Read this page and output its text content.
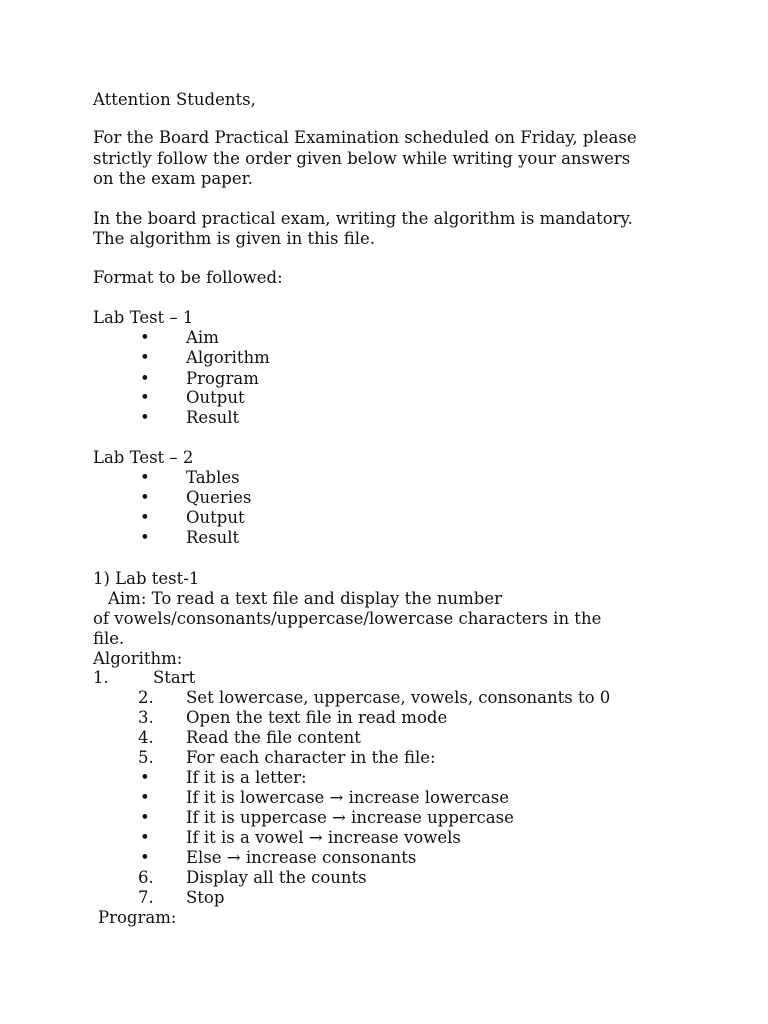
Attention Students,
For the Board Practical Examination scheduled on Friday, please
strictly follow the order given below while writing your answers
on the exam paper.
In the board practical exam, writing the algorithm is mandatory.
The algorithm is given in this file.
Format to be followed:
Lab Test – 1
• Aim
• Algorithm
• Program
• Output
• Result
Lab Test – 2
• Tables
• Queries
• Output
• Result
1) Lab test-1
Aim: To read a text file and display the number
of vowels/consonants/uppercase/lowercase characters in the
file.
Algorithm:
1.	Start
2. Set lowercase, uppercase, vowels, consonants to 0
3. Open the text file in read mode
4. Read the file content
5. For each character in the file:
• If it is a letter:
• If it is lowercase → increase lowercase
• If it is uppercase → increase uppercase
• If it is a vowel → increase vowels
• Else → increase consonants
6. Display all the counts
7. Stop
Program:
